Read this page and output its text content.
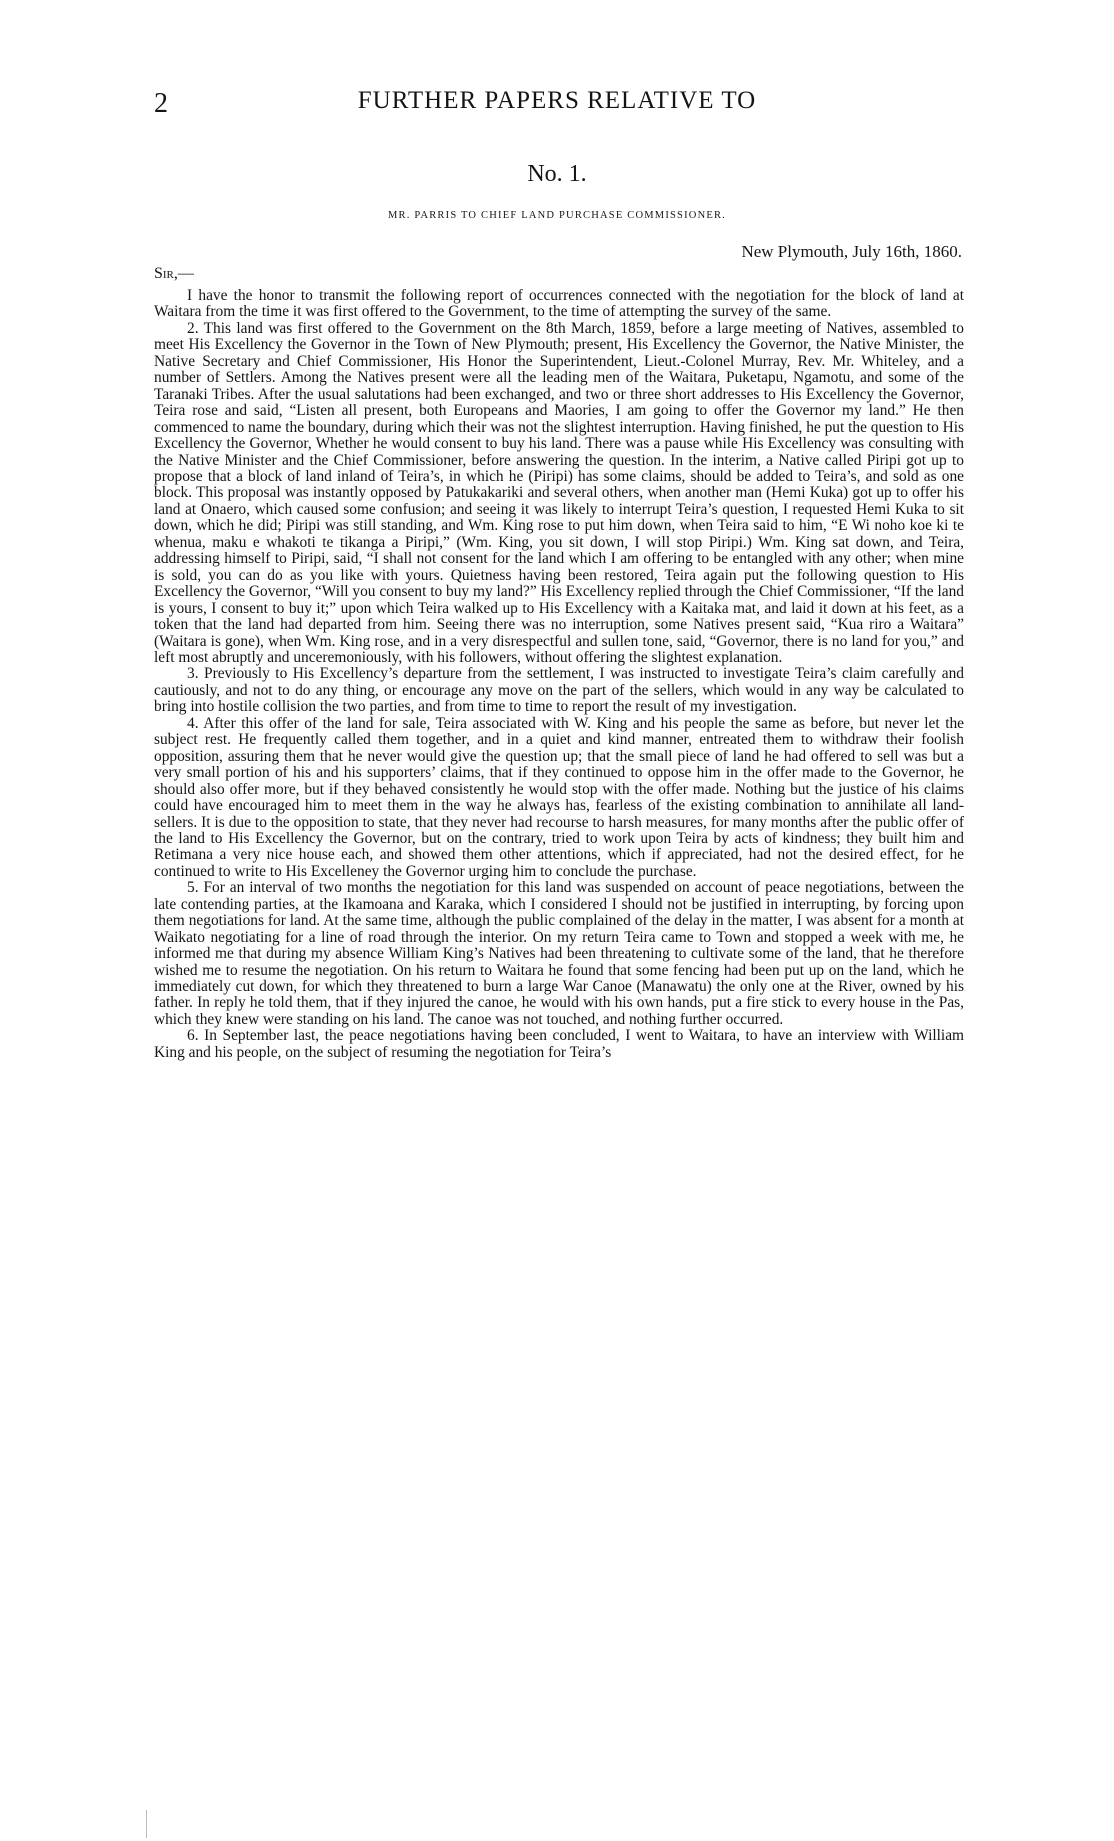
2	FURTHER PAPERS RELATIVE TO
No. 1.
MR. PARRIS TO CHIEF LAND PURCHASE COMMISSIONER.
New Plymouth, July 16th, 1860.
Sir,—

I have the honor to transmit the following report of occurrences connected with the negotiation for the block of land at Waitara from the time it was first offered to the Government, to the time of attempting the survey of the same.

2. This land was first offered to the Government on the 8th March, 1859, before a large meeting of Natives, assembled to meet His Excellency the Governor in the Town of New Plymouth; present, His Excellency the Governor, the Native Minister, the Native Secretary and Chief Commissioner, His Honor the Superintendent, Lieut.-Colonel Murray, Rev. Mr. Whiteley, and a number of Settlers. Among the Natives present were all the leading men of the Waitara, Puketapu, Ngamotu, and some of the Taranaki Tribes. After the usual salutations had been exchanged, and two or three short addresses to His Excellency the Governor, Teira rose and said, “Listen all present, both Europeans and Maories, I am going to offer the Governor my land.” He then commenced to name the boundary, during which their was not the slightest interruption. Having finished, he put the question to His Excellency the Governor, Whether he would consent to buy his land. There was a pause while His Excellency was consulting with the Native Minister and the Chief Commissioner, before answering the question. In the interim, a Native called Piripi got up to propose that a block of land inland of Teira’s, in which he (Piripi) has some claims, should be added to Teira’s, and sold as one block. This proposal was instantly opposed by Patukakariki and several others, when another man (Hemi Kuka) got up to offer his land at Onaero, which caused some confusion; and seeing it was likely to interrupt Teira’s question, I requested Hemi Kuka to sit down, which he did; Piripi was still standing, and Wm. King rose to put him down, when Teira said to him, “E Wi noho koe ki te whenua, maku e whakoti te tikanga a Piripi,” (Wm. King, you sit down, I will stop Piripi.) Wm. King sat down, and Teira, addressing himself to Piripi, said, “I shall not consent for the land which I am offering to be entangled with any other; when mine is sold, you can do as you like with yours. Quietness having been restored, Teira again put the following question to His Excellency the Governor, “Will you consent to buy my land?” His Excellency replied through the Chief Commissioner, “If the land is yours, I consent to buy it;” upon which Teira walked up to His Excellency with a Kaitaka mat, and laid it down at his feet, as a token that the land had departed from him. Seeing there was no interruption, some Natives present said, “Kua riro a Waitara” (Waitara is gone), when Wm. King rose, and in a very disrespectful and sullen tone, said, “Governor, there is no land for you,” and left most abruptly and unceremoniously, with his followers, without offering the slightest explanation.

3. Previously to His Excellency’s departure from the settlement, I was instructed to investigate Teira’s claim carefully and cautiously, and not to do any thing, or encourage any move on the part of the sellers, which would in any way be calculated to bring into hostile collision the two parties, and from time to time to report the result of my investigation.

4. After this offer of the land for sale, Teira associated with W. King and his people the same as before, but never let the subject rest. He frequently called them together, and in a quiet and kind manner, entreated them to withdraw their foolish opposition, assuring them that he never would give the question up; that the small piece of land he had offered to sell was but a very small portion of his and his supporters’ claims, that if they continued to oppose him in the offer made to the Governor, he should also offer more, but if they behaved consistently he would stop with the offer made. Nothing but the justice of his claims could have encouraged him to meet them in the way he always has, fearless of the existing combination to annihilate all land-sellers. It is due to the opposition to state, that they never had recourse to harsh measures, for many months after the public offer of the land to His Excellency the Governor, but on the contrary, tried to work upon Teira by acts of kindness; they built him and Retimana a very nice house each, and showed them other attentions, which if appreciated, had not the desired effect, for he continued to write to His Excelleney the Governor urging him to conclude the purchase.

5. For an interval of two months the negotiation for this land was suspended on account of peace negotiations, between the late contending parties, at the Ikamoana and Karaka, which I considered I should not be justified in interrupting, by forcing upon them negotiations for land. At the same time, although the public complained of the delay in the matter, I was absent for a month at Waikato negotiating for a line of road through the interior. On my return Teira came to Town and stopped a week with me, he informed me that during my absence William King’s Natives had been threatening to cultivate some of the land, that he therefore wished me to resume the negotiation. On his return to Waitara he found that some fencing had been put up on the land, which he immediately cut down, for which they threatened to burn a large War Canoe (Manawatu) the only one at the River, owned by his father. In reply he told them, that if they injured the canoe, he would with his own hands, put a fire stick to every house in the Pas, which they knew were standing on his land. The canoe was not touched, and nothing further occurred.

6. In September last, the peace negotiations having been concluded, I went to Waitara, to have an interview with William King and his people, on the subject of resuming the negotiation for Teira’s
